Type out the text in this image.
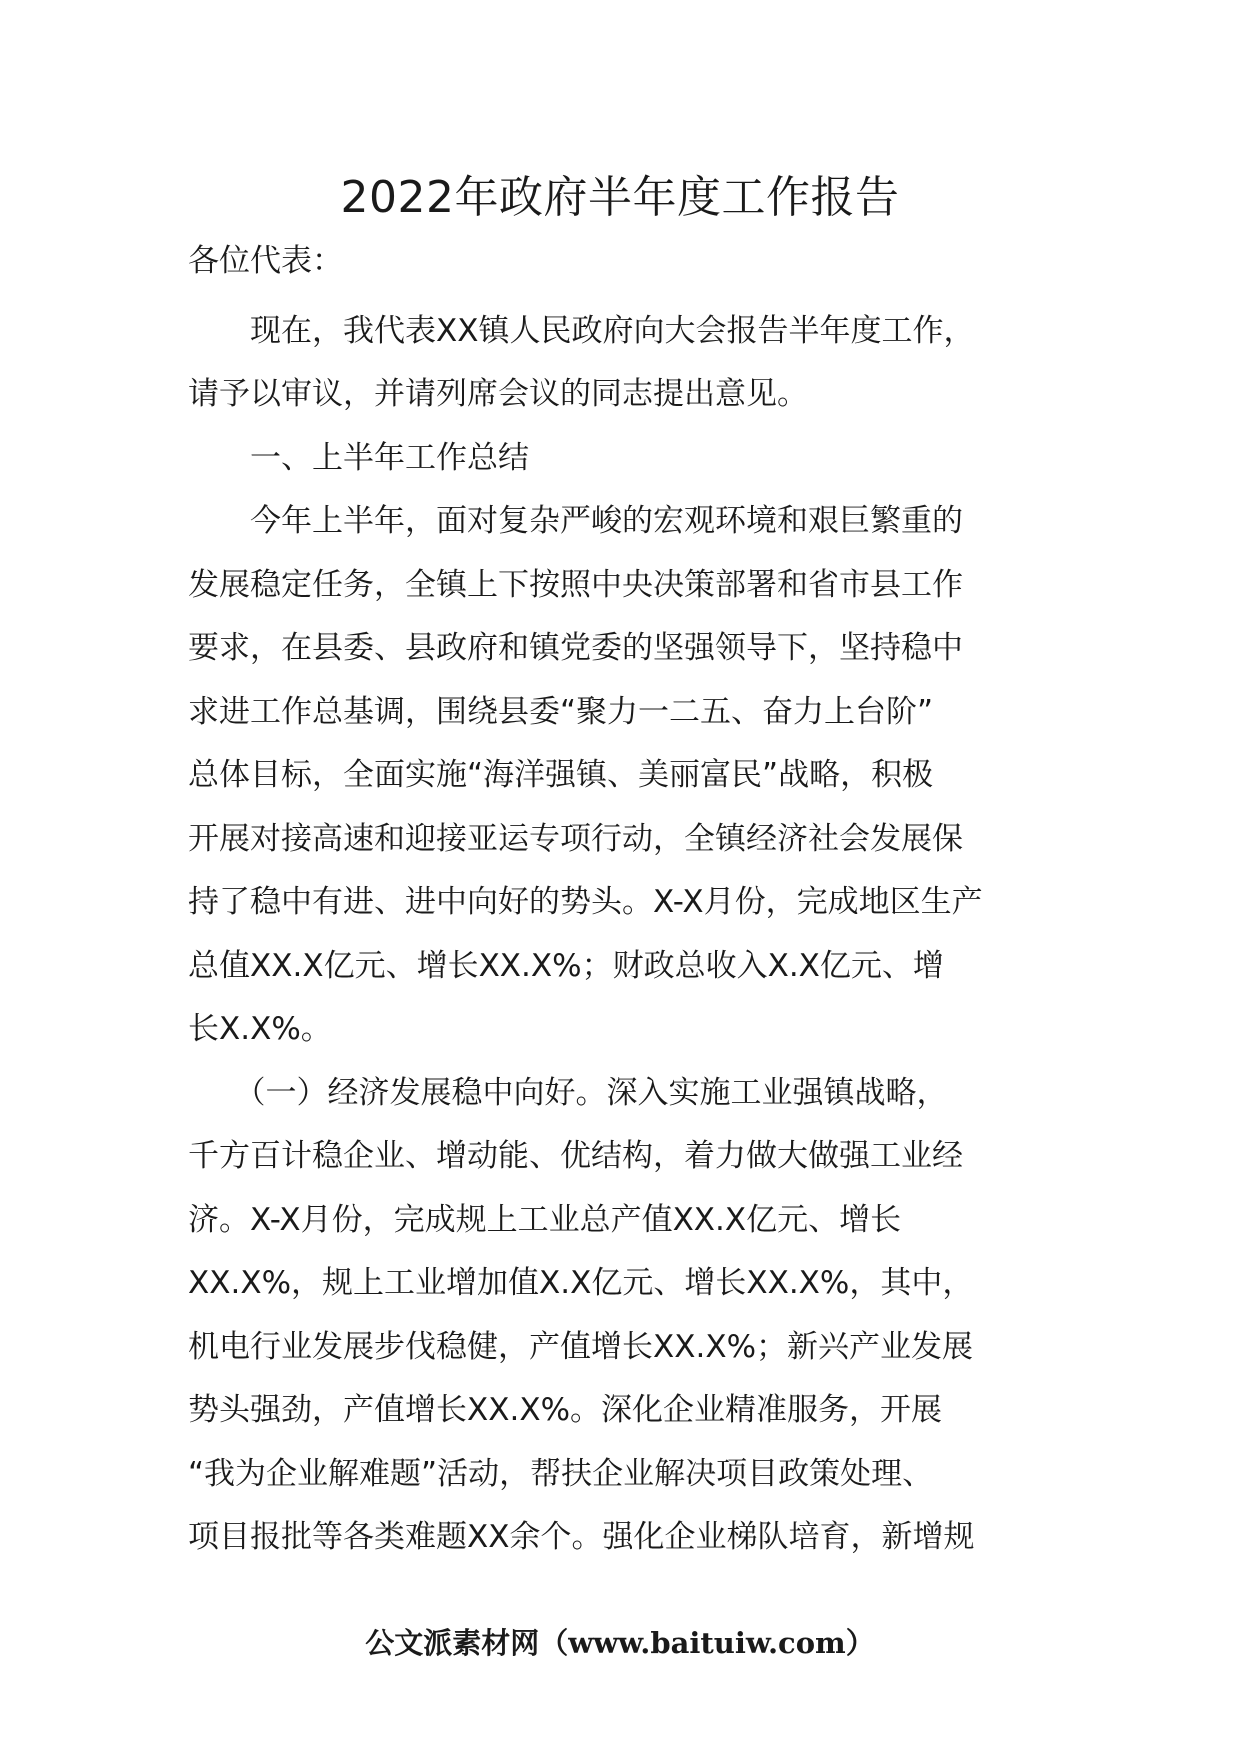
2022年政府半年度工作报告

各位代表：

　　现在，我代表XX镇人民政府向大会报告半年度工作，

请予以审议，并请列席会议的同志提出意见。

　　一、上半年工作总结

　　今年上半年，面对复杂严峻的宏观环境和艰巨繁重的

发展稳定任务，全镇上下按照中央决策部署和省市县工作

要求，在县委、县政府和镇党委的坚强领导下，坚持稳中

求进工作总基调，围绕县委“聚力一二五、奋力上台阶”

总体目标，全面实施“海洋强镇、美丽富民”战略，积极

开展对接高速和迎接亚运专项行动，全镇经济社会发展保

持了稳中有进、进中向好的势头。X-X月份，完成地区生产

总值XX.X亿元、增长XX.X%；财政总收入X.X亿元、增

长X.X%。

　　（一）经济发展稳中向好。深入实施工业强镇战略，

千方百计稳企业、增动能、优结构，着力做大做强工业经

济。X-X月份，完成规上工业总产值XX.X亿元、增长

XX.X%，规上工业增加值X.X亿元、增长XX.X%，其中，

机电行业发展步伐稳健，产值增长XX.X%；新兴产业发展

势头强劲，产值增长XX.X%。深化企业精准服务，开展

“我为企业解难题”活动，帮扶企业解决项目政策处理、

项目报批等各类难题XX余个。强化企业梯队培育，新增规

公文派素材网（www.baituiw.com）
